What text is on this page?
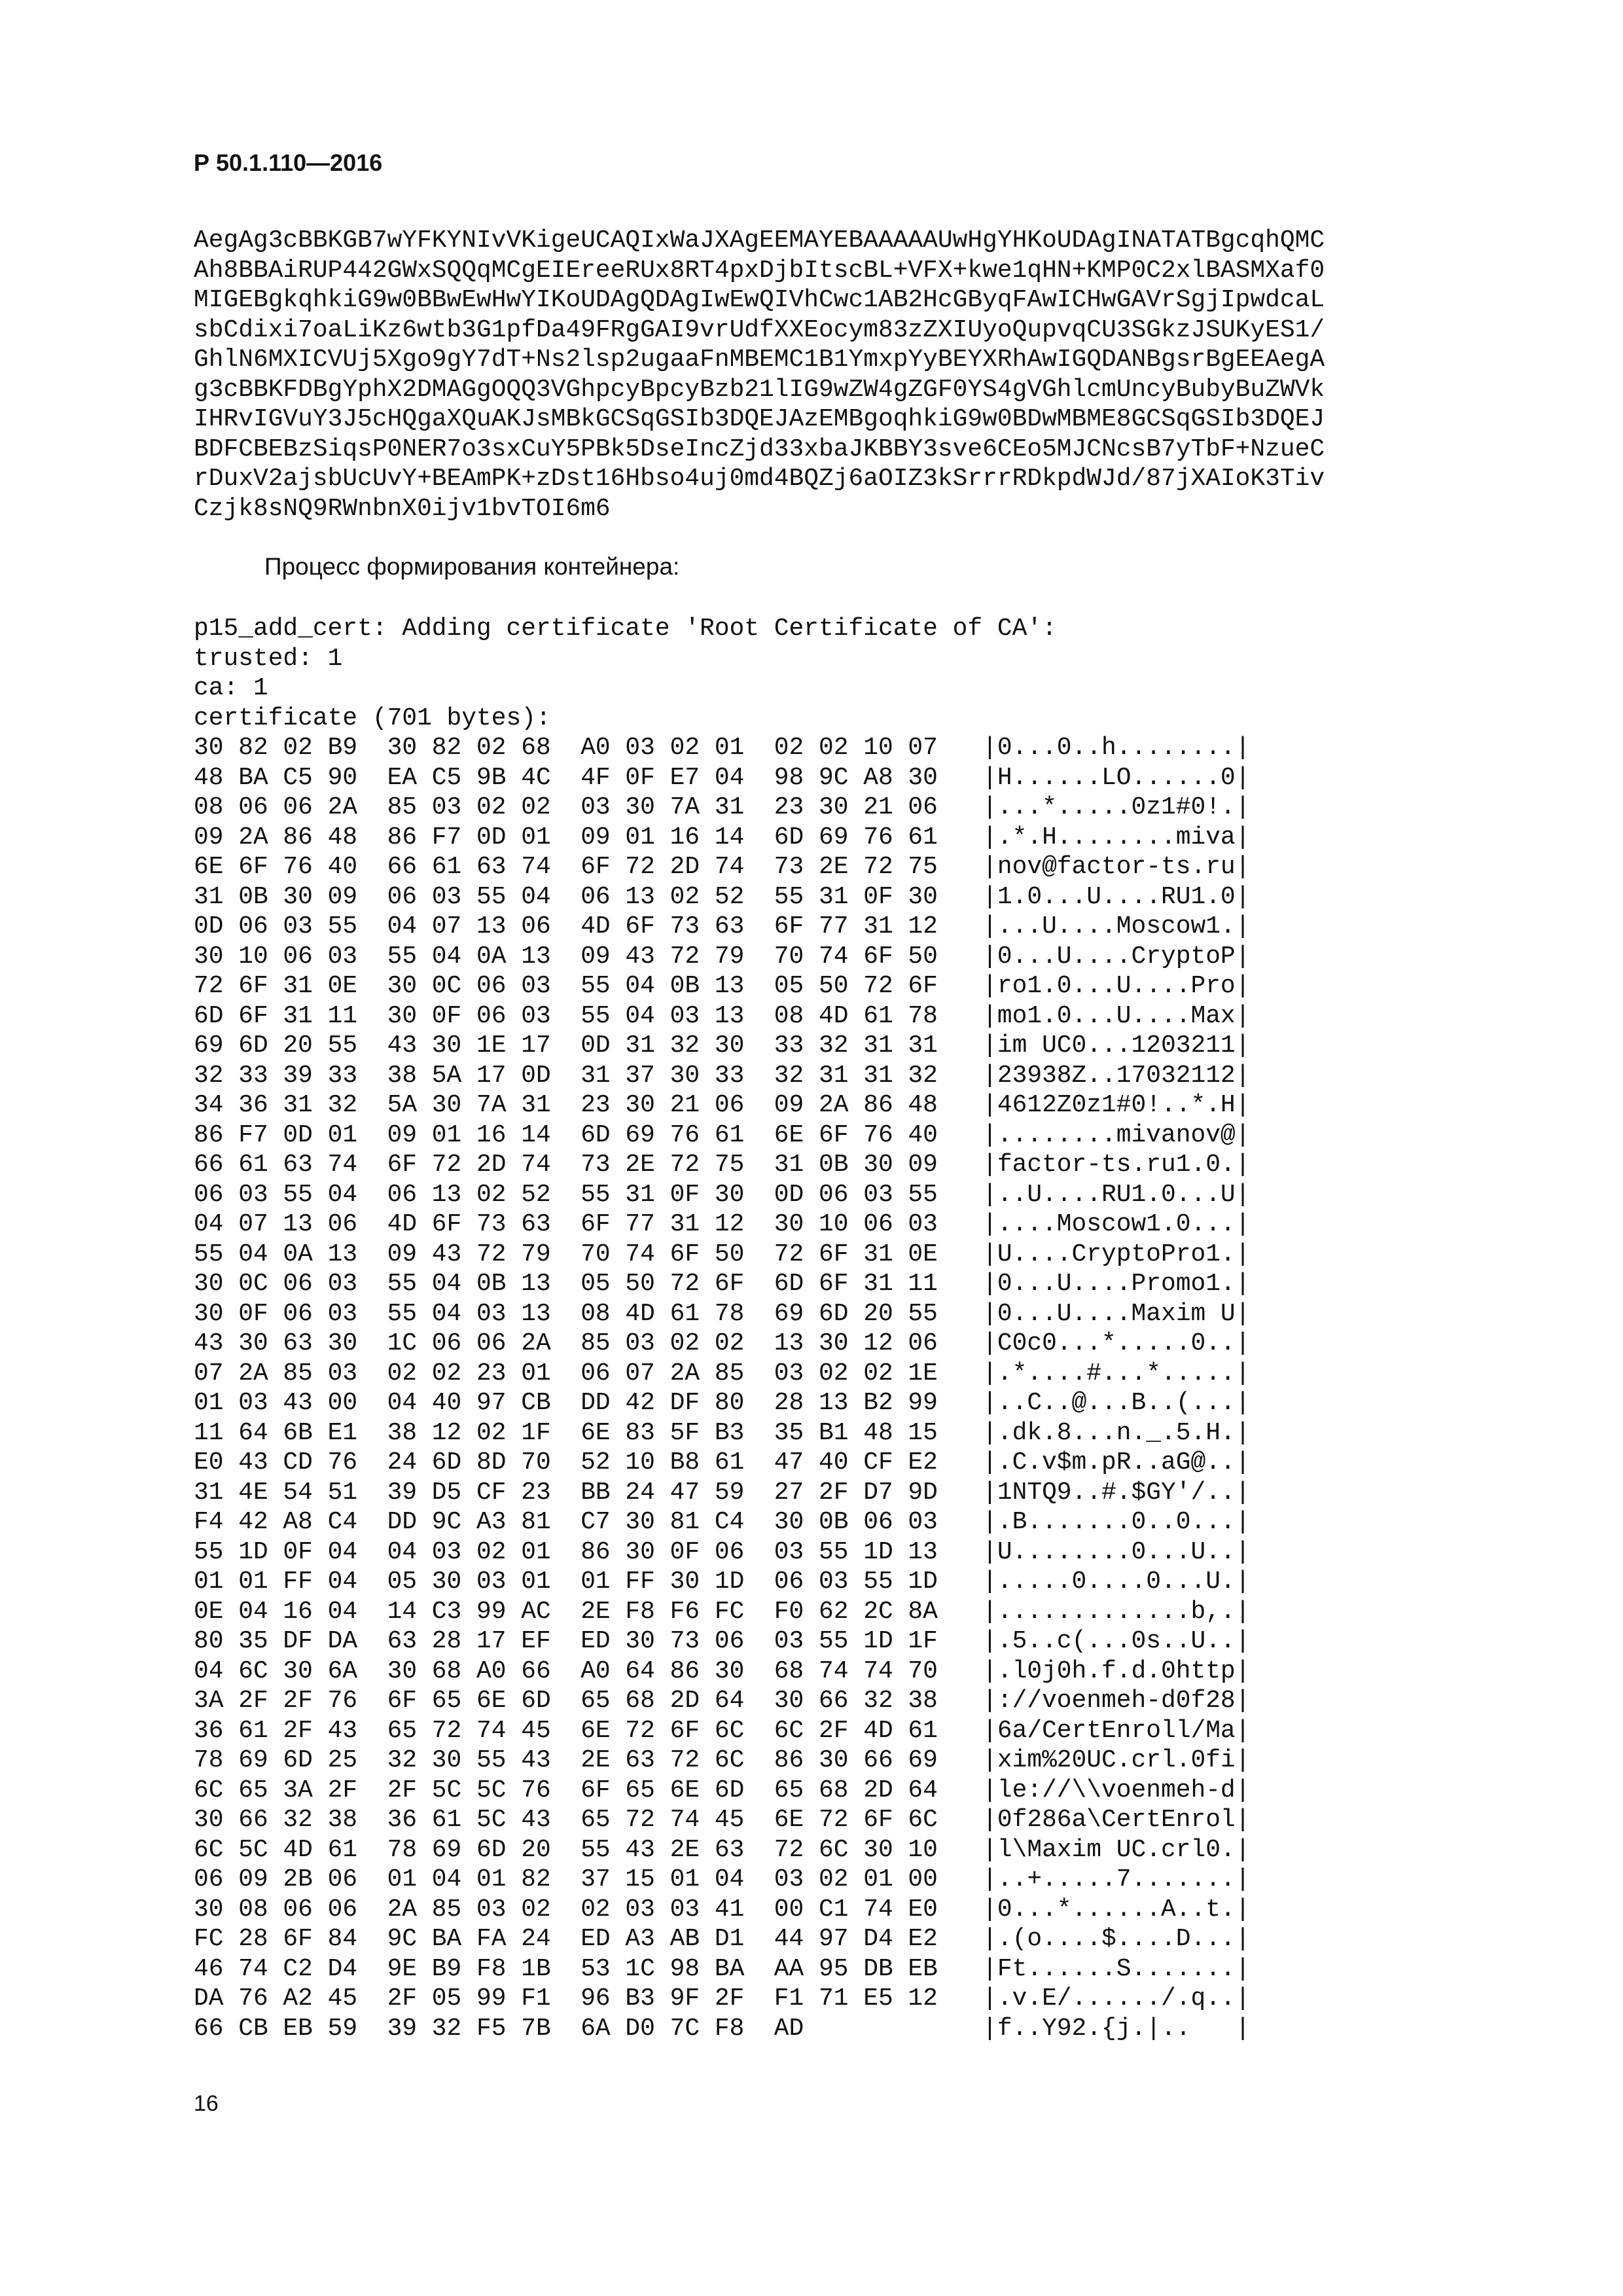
Р 50.1.110—2016
AegAg3cBBKGB7wYFKYNIvVKigeUCAQIxWaJXAgEEMAYEBAAAAAUwHgYHKoUDAgINATATBgcqhQMC
Ah8BBAiRUP442GWxSQQqMCgEIEreeRUx8RT4pxDjbItscBL+VFX+kwe1qHN+KMP0C2xlBASMXaf0
MIGEBgkqhkiG9w0BBwEwHwYIKoUDAgQDAgIwEwQIVhCwc1AB2HcGByqFAwICHwGAVrSgjIpwdcaL
sbCdixi7oaLiKz6wtb3G1pfDa49FRgGAI9vrUdfXXEocym83zZXIUyoQupvqCU3SGkzJSUKyES1/
GhlN6MXICVUj5Xgo9gY7dT+Ns2lsp2ugaaFnMBEMC1B1YmxpYyBEYXRhAwIGQDANBgsrBgEEAegA
g3cBBKFDBgYphX2DMAGgOQQ3VGhpcyBpcyBzb21lIG9wZW4gZGF0YS4gVGhlcmUncyBubyBuZWVk
IHRvIGVuY3J5cHQgaXQuAKJsMBkGCSqGSIb3DQEJAzEMBgoqhkiG9w0BDwMBME8GCSqGSIb3DQEJ
BDFCBEBzSiqsP0NER7o3sxCuY5PBk5DseIncZjd33xbaJKBBY3sve6CEo5MJCNcsB7yTbF+NzueC
rDuxV2ajsbUcUvY+BEAmPK+zDst16Hbso4uj0md4BQZj6aOIZ3kSrrrRDkpdWJd/87jXAIoK3Tiv
Czjk8sNQ9RWnbnX0ijv1bvTOI6m6
Процесс формирования контейнера:
p15_add_cert: Adding certificate 'Root Certificate of CA':
trusted: 1
ca: 1
certificate (701 bytes):
30 82 02 B9  30 82 02 68  A0 03 02 01  02 02 10 07   |0...0..h........|
48 BA C5 90  EA C5 9B 4C  4F 0F E7 04  98 9C A8 30   |H......LO......0|
08 06 06 2A  85 03 02 02  03 30 7A 31  23 30 21 06   |...*.....0z1#0!.|
09 2A 86 48  86 F7 0D 01  09 01 16 14  6D 69 76 61   |.*.H........miva|
6E 6F 76 40  66 61 63 74  6F 72 2D 74  73 2E 72 75   |nov@factor-ts.ru|
31 0B 30 09  06 03 55 04  06 13 02 52  55 31 0F 30   |1.0...U....RU1.0|
0D 06 03 55  04 07 13 06  4D 6F 73 63  6F 77 31 12   |...U....Moscow1.|
30 10 06 03  55 04 0A 13  09 43 72 79  70 74 6F 50   |0...U....CryptoP|
72 6F 31 0E  30 0C 06 03  55 04 0B 13  05 50 72 6F   |ro1.0...U....Pro|
6D 6F 31 11  30 0F 06 03  55 04 03 13  08 4D 61 78   |mo1.0...U....Max|
69 6D 20 55  43 30 1E 17  0D 31 32 30  33 32 31 31   |im UC0...1203211|
32 33 39 33  38 5A 17 0D  31 37 30 33  32 31 31 32   |23938Z..17032112|
34 36 31 32  5A 30 7A 31  23 30 21 06  09 2A 86 48   |4612Z0z1#0!..*.H|
86 F7 0D 01  09 01 16 14  6D 69 76 61  6E 6F 76 40   |........mivanov@|
66 61 63 74  6F 72 2D 74  73 2E 72 75  31 0B 30 09   |factor-ts.ru1.0.|
06 03 55 04  06 13 02 52  55 31 0F 30  0D 06 03 55   |..U....RU1.0...U|
04 07 13 06  4D 6F 73 63  6F 77 31 12  30 10 06 03   |....Moscow1.0...|
55 04 0A 13  09 43 72 79  70 74 6F 50  72 6F 31 0E   |U....CryptoPro1.|
30 0C 06 03  55 04 0B 13  05 50 72 6F  6D 6F 31 11   |0...U....Promo1.|
30 0F 06 03  55 04 03 13  08 4D 61 78  69 6D 20 55   |0...U....Maxim U|
43 30 63 30  1C 06 06 2A  85 03 02 02  13 30 12 06   |C0c0...*.....0..|
07 2A 85 03  02 02 23 01  06 07 2A 85  03 02 02 1E   |.*....#...*.....|
01 03 43 00  04 40 97 CB  DD 42 DF 80  28 13 B2 99   |..C..@...B..(...|
11 64 6B E1  38 12 02 1F  6E 83 5F B3  35 B1 48 15   |.dk.8...n._.5.H.|
E0 43 CD 76  24 6D 8D 70  52 10 B8 61  47 40 CF E2   |.C.v$m.pR..aG@..|
31 4E 54 51  39 D5 CF 23  BB 24 47 59  27 2F D7 9D   |1NTQ9..#.$GY'/..|
F4 42 A8 C4  DD 9C A3 81  C7 30 81 C4  30 0B 06 03   |.B.......0..0...|
55 1D 0F 04  04 03 02 01  86 30 0F 06  03 55 1D 13   |U........0...U..|
01 01 FF 04  05 30 03 01  01 FF 30 1D  06 03 55 1D   |.....0....0...U.|
0E 04 16 04  14 C3 99 AC  2E F8 F6 FC  F0 62 2C 8A   |.............b,.|
80 35 DF DA  63 28 17 EF  ED 30 73 06  03 55 1D 1F   |.5..c(...0s..U..|
04 6C 30 6A  30 68 A0 66  A0 64 86 30  68 74 74 70   |.l0j0h.f.d.0http|
3A 2F 2F 76  6F 65 6E 6D  65 68 2D 64  30 66 32 38   |://voenmeh-d0f28|
36 61 2F 43  65 72 74 45  6E 72 6F 6C  6C 2F 4D 61   |6a/CertEnroll/Ma|
78 69 6D 25  32 30 55 43  2E 63 72 6C  86 30 66 69   |xim%20UC.crl.0fi|
6C 65 3A 2F  2F 5C 5C 76  6F 65 6E 6D  65 68 2D 64   |le://\\voenmeh-d|
30 66 32 38  36 61 5C 43  65 72 74 45  6E 72 6F 6C   |0f286a\CertEnrol|
6C 5C 4D 61  78 69 6D 20  55 43 2E 63  72 6C 30 10   |l\Maxim UC.crl0.|
06 09 2B 06  01 04 01 82  37 15 01 04  03 02 01 00   |..+.....7.......|
30 08 06 06  2A 85 03 02  02 03 03 41  00 C1 74 E0   |0...*......A..t.|
FC 28 6F 84  9C BA FA 24  ED A3 AB D1  44 97 D4 E2   |.(o....$....D...|
46 74 C2 D4  9E B9 F8 1B  53 1C 98 BA  AA 95 DB EB   |Ft......S.......|
DA 76 A2 45  2F 05 99 F1  96 B3 9F 2F  F1 71 E5 12   |.v.E/....../.q..|
66 CB EB 59  39 32 F5 7B  6A D0 7C F8  AD            |f..Y92.{j.|..   |
16
